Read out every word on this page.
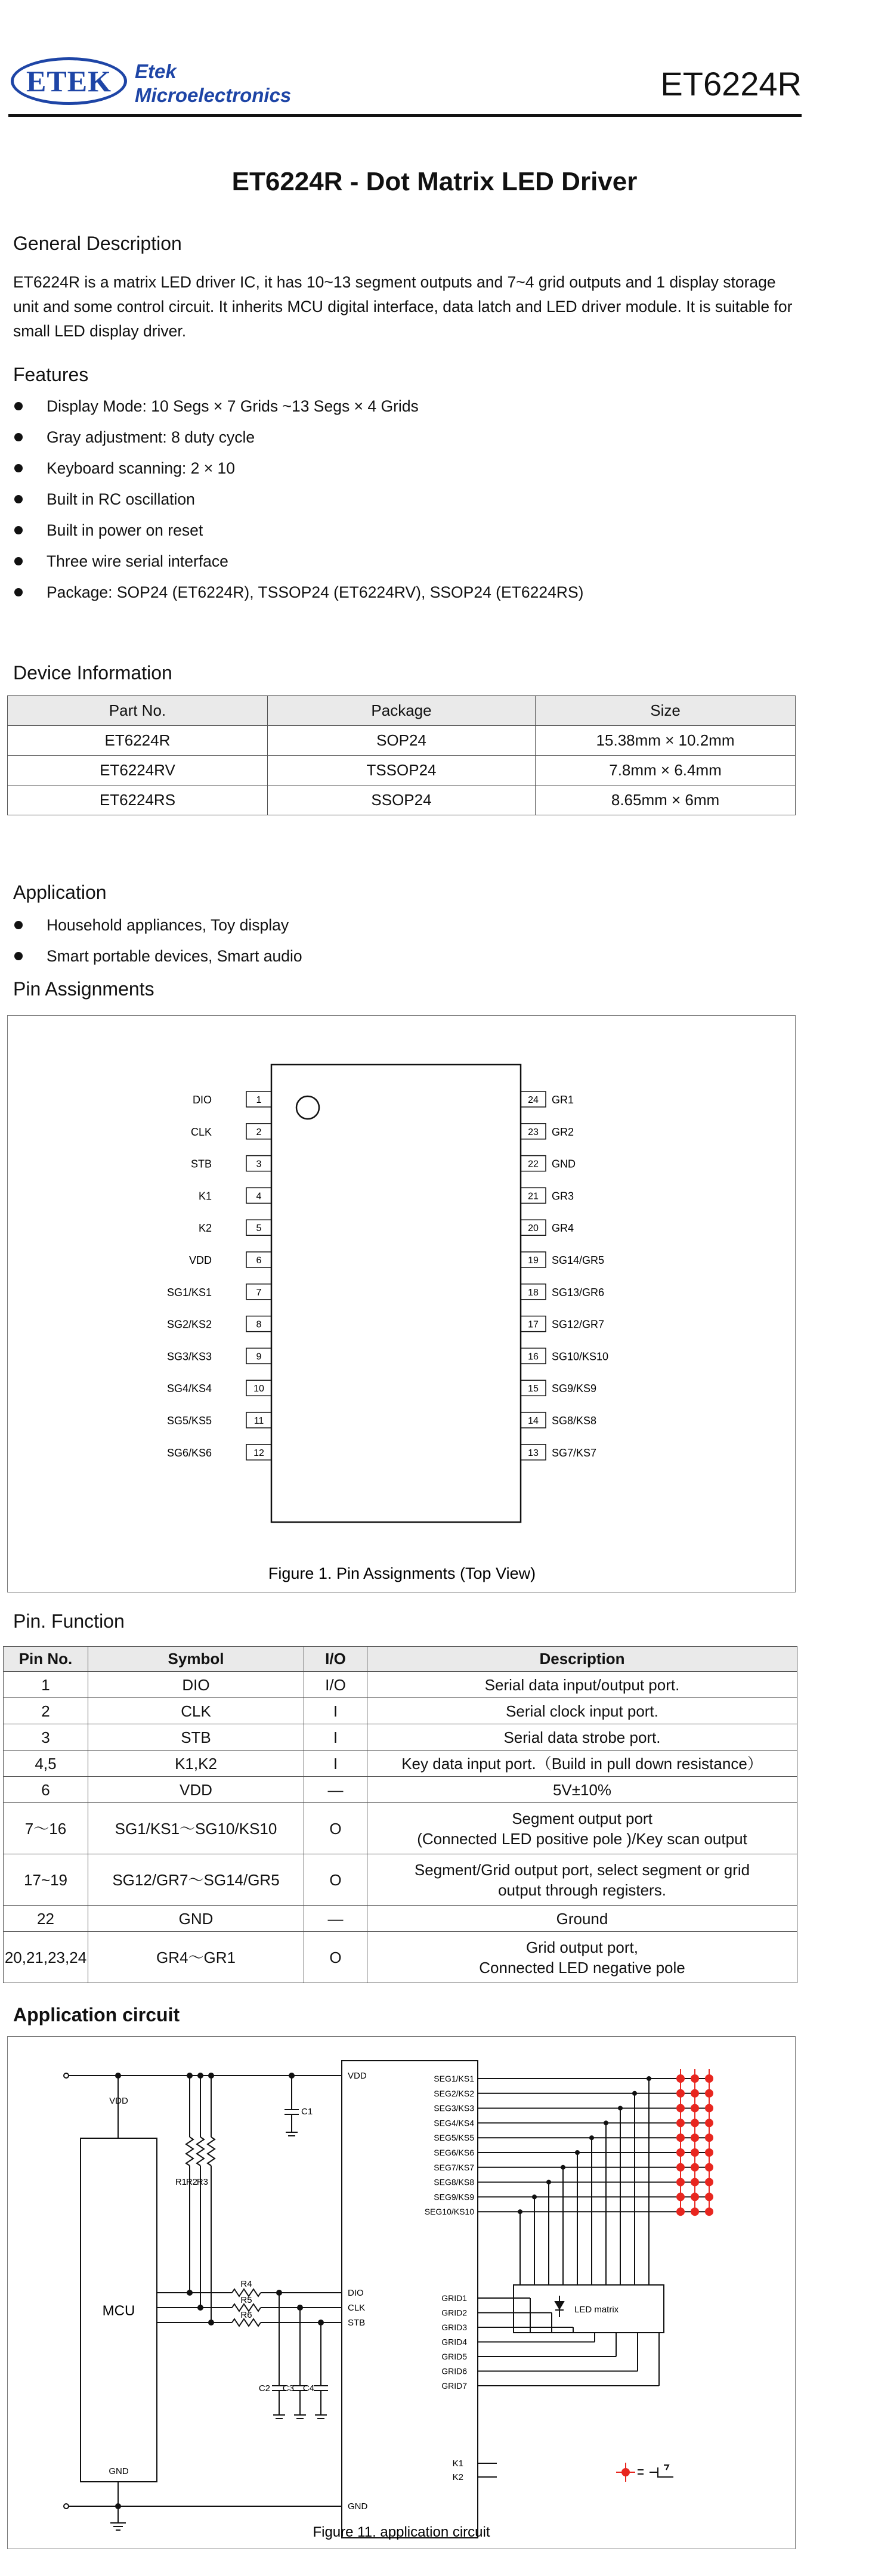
ETEK Etek
Microelectronics	ET6224R
ET6224R - Dot Matrix LED Driver
General Description
ET6224R is a matrix LED driver IC, it has 10~13 segment outputs and 7~4 grid outputs and 1 display storage unit and some control circuit. It inherits MCU digital interface, data latch and LED driver module. It is suitable for small LED display driver.
Features
Display Mode: 10 Segs × 7 Grids ~13 Segs × 4 Grids
Gray adjustment: 8 duty cycle
Keyboard scanning: 2 × 10
Built in RC oscillation
Built in power on reset
Three wire serial interface
Package: SOP24 (ET6224R), TSSOP24 (ET6224RV), SSOP24 (ET6224RS)
Device Information
Part No.	Package	Size
ET6224R	SOP24	15.38mm × 10.2mm
ET6224RV	TSSOP24	7.8mm × 6.4mm
ET6224RS	SSOP24	8.65mm × 6mm
Application
Household appliances, Toy display
Smart portable devices, Smart audio
Pin Assignments
1
DIO
2
CLK
3
STB
4
K1
5
K2
6
VDD
7
SG1/KS1
8
SG2/KS2
9
SG3/KS3
10
SG4/KS4
11
SG5/KS5
12
SG6/KS6
24 GR1
23 GR2
22 GND
21 GR3
20 GR4
19 SG14/GR5
18 SG13/GR6
17 SG12/GR7
16 SG10/KS10
15 SG9/KS9
14 SG8/KS8
13 SG7/KS7
Figure 1. Pin Assignments (Top View)
Pin. Function
Pin No.	Symbol	I/O	Description
1	DIO	I/O	Serial data input/output port.

2	CLK	I	Serial clock input port.

3	STB	I	Serial data strobe port.

4,5	K1,K2	I	Key data input port.（Build in pull down resistance）

6	VDD	—	5V±10%

7～16	SG1/KS1～SG10/KS10	O	Segment output port
(Connected LED positive pole )/Key scan output

17~19	SG12/GR7～SG14/GR5	O	Segment/Grid output port, select segment or grid
output through registers.

22	GND	—	Ground

20,21,23,24	GR4～GR1	O	Grid output port,
Connected LED negative pole
Application circuit
SEG1/KS1
SEG2/KS2
SEG3/KS3
SEG4/KS4
SEG5/KS5
SEG6/KS6
SEG7/KS7
SEG8/KS8
SEG9/KS9
SEG10/KS10
GRID1
GRID2
GRID3
GRID4
GRID5
GRID6
GRID7
VDD
MCU
GND
R1
R2
R3
R4
R5
R6
C1
C2 C3 C4
VDD
DIO
CLK
STB
GND
K1
K2
LED matrix
Figure 11. application circuit
